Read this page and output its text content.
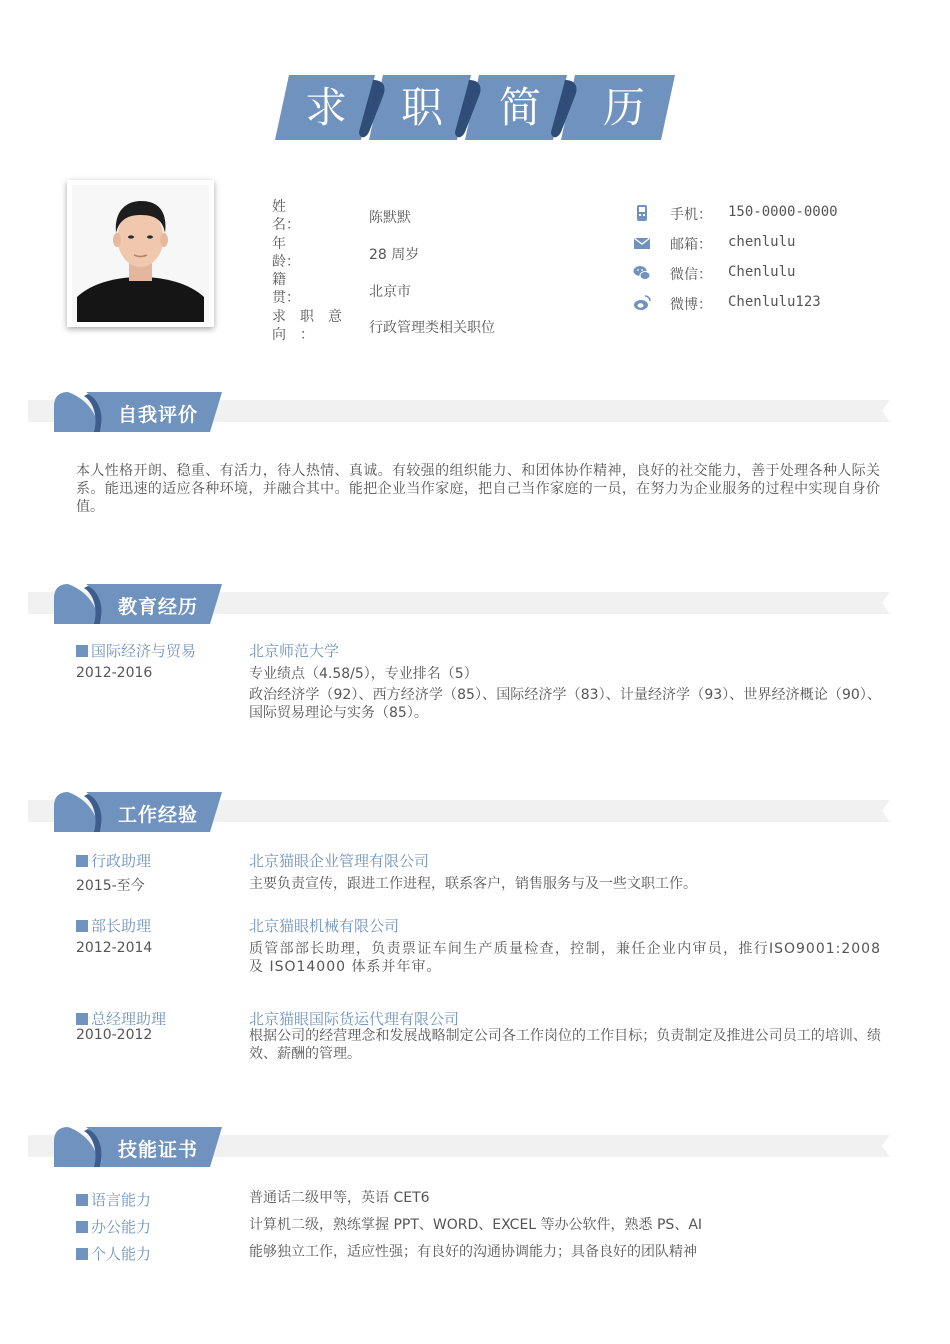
求 职 简 历
姓名：	陈默默
年龄：	28 周岁
籍贯：	北京市
求职意向：	行政管理类相关职位
手机： 150-0000-0000
邮箱： chenlulu
微信： Chenlulu
微博： Chenlulu123
自我评价
本人性格开朗、稳重、有活力，待人热情、真诚。有较强的组织能力、和团体协作精神，良好的社交能力，善于处理各种人际关系。能迅速的适应各种环境，并融合其中。能把企业当作家庭，把自己当作家庭的一员，在努力为企业服务的过程中实现自身价值。
教育经历
国际经济与贸易
2012-2016
北京师范大学
专业绩点（4.58/5），专业排名（5）
政治经济学（92）、西方经济学（85）、国际经济学（83）、计量经济学（93）、世界经济概论（90）、国际贸易理论与实务（85）。
工作经验
行政助理
2015-至今
北京猫眼企业管理有限公司
主要负责宣传，跟进工作进程，联系客户，销售服务与及一些文职工作。
部长助理
2012-2014
北京猫眼机械有限公司
质管部部长助理，负责票证车间生产质量检查，控制，兼任企业内审员，推行ISO9001:2008 及 ISO14000 体系并年审。
总经理助理
2010-2012
北京猫眼国际货运代理有限公司
根据公司的经营理念和发展战略制定公司各工作岗位的工作目标；负责制定及推进公司员工的培训、绩效、薪酬的管理。
技能证书
语言能力	普通话二级甲等，英语 CET6
办公能力	计算机二级，熟练掌握 PPT、WORD、EXCEL 等办公软件，熟悉 PS、AI
个人能力	能够独立工作，适应性强；有良好的沟通协调能力；具备良好的团队精神
